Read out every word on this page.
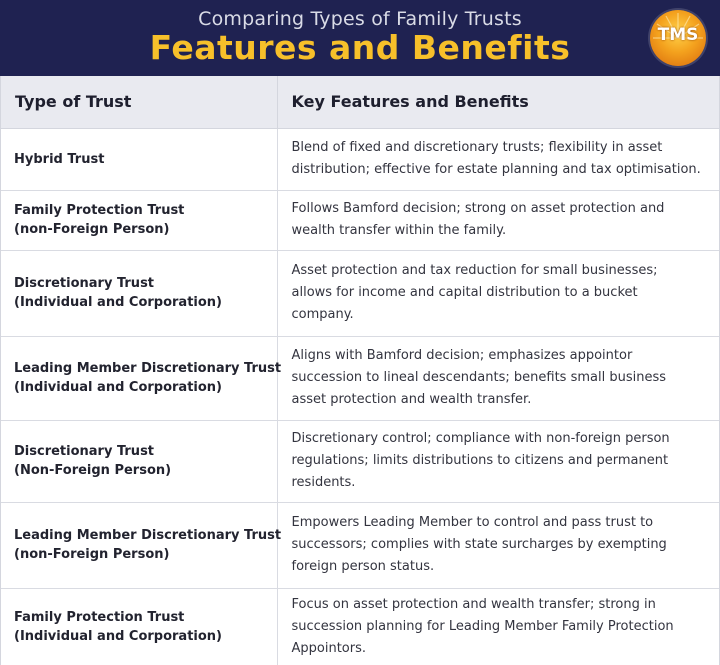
Comparing Types of Family Trusts
Features and Benefits	TMS
Type of Trust	Key Features and Benefits

Hybrid Trust	Blend of fixed and discretionary trusts; flexibility in asset
distribution; effective for estate planning and tax optimisation.

Family Protection Trust
(non-Foreign Person)	Follows Bamford decision; strong on asset protection and
wealth transfer within the family.

Discretionary Trust
(Individual and Corporation)	Asset protection and tax reduction for small businesses;
allows for income and capital distribution to a bucket
company.

Leading Member Discretionary Trust
(Individual and Corporation)	Aligns with Bamford decision; emphasizes appointor
succession to lineal descendants; benefits small business
asset protection and wealth transfer.

Discretionary Trust
(Non-Foreign Person)	Discretionary control; compliance with non-foreign person
regulations; limits distributions to citizens and permanent
residents.

Leading Member Discretionary Trust
(non-Foreign Person)	Empowers Leading Member to control and pass trust to
successors; complies with state surcharges by exempting
foreign person status.

Family Protection Trust
(Individual and Corporation)	Focus on asset protection and wealth transfer; strong in
succession planning for Leading Member Family Protection
Appointors.
